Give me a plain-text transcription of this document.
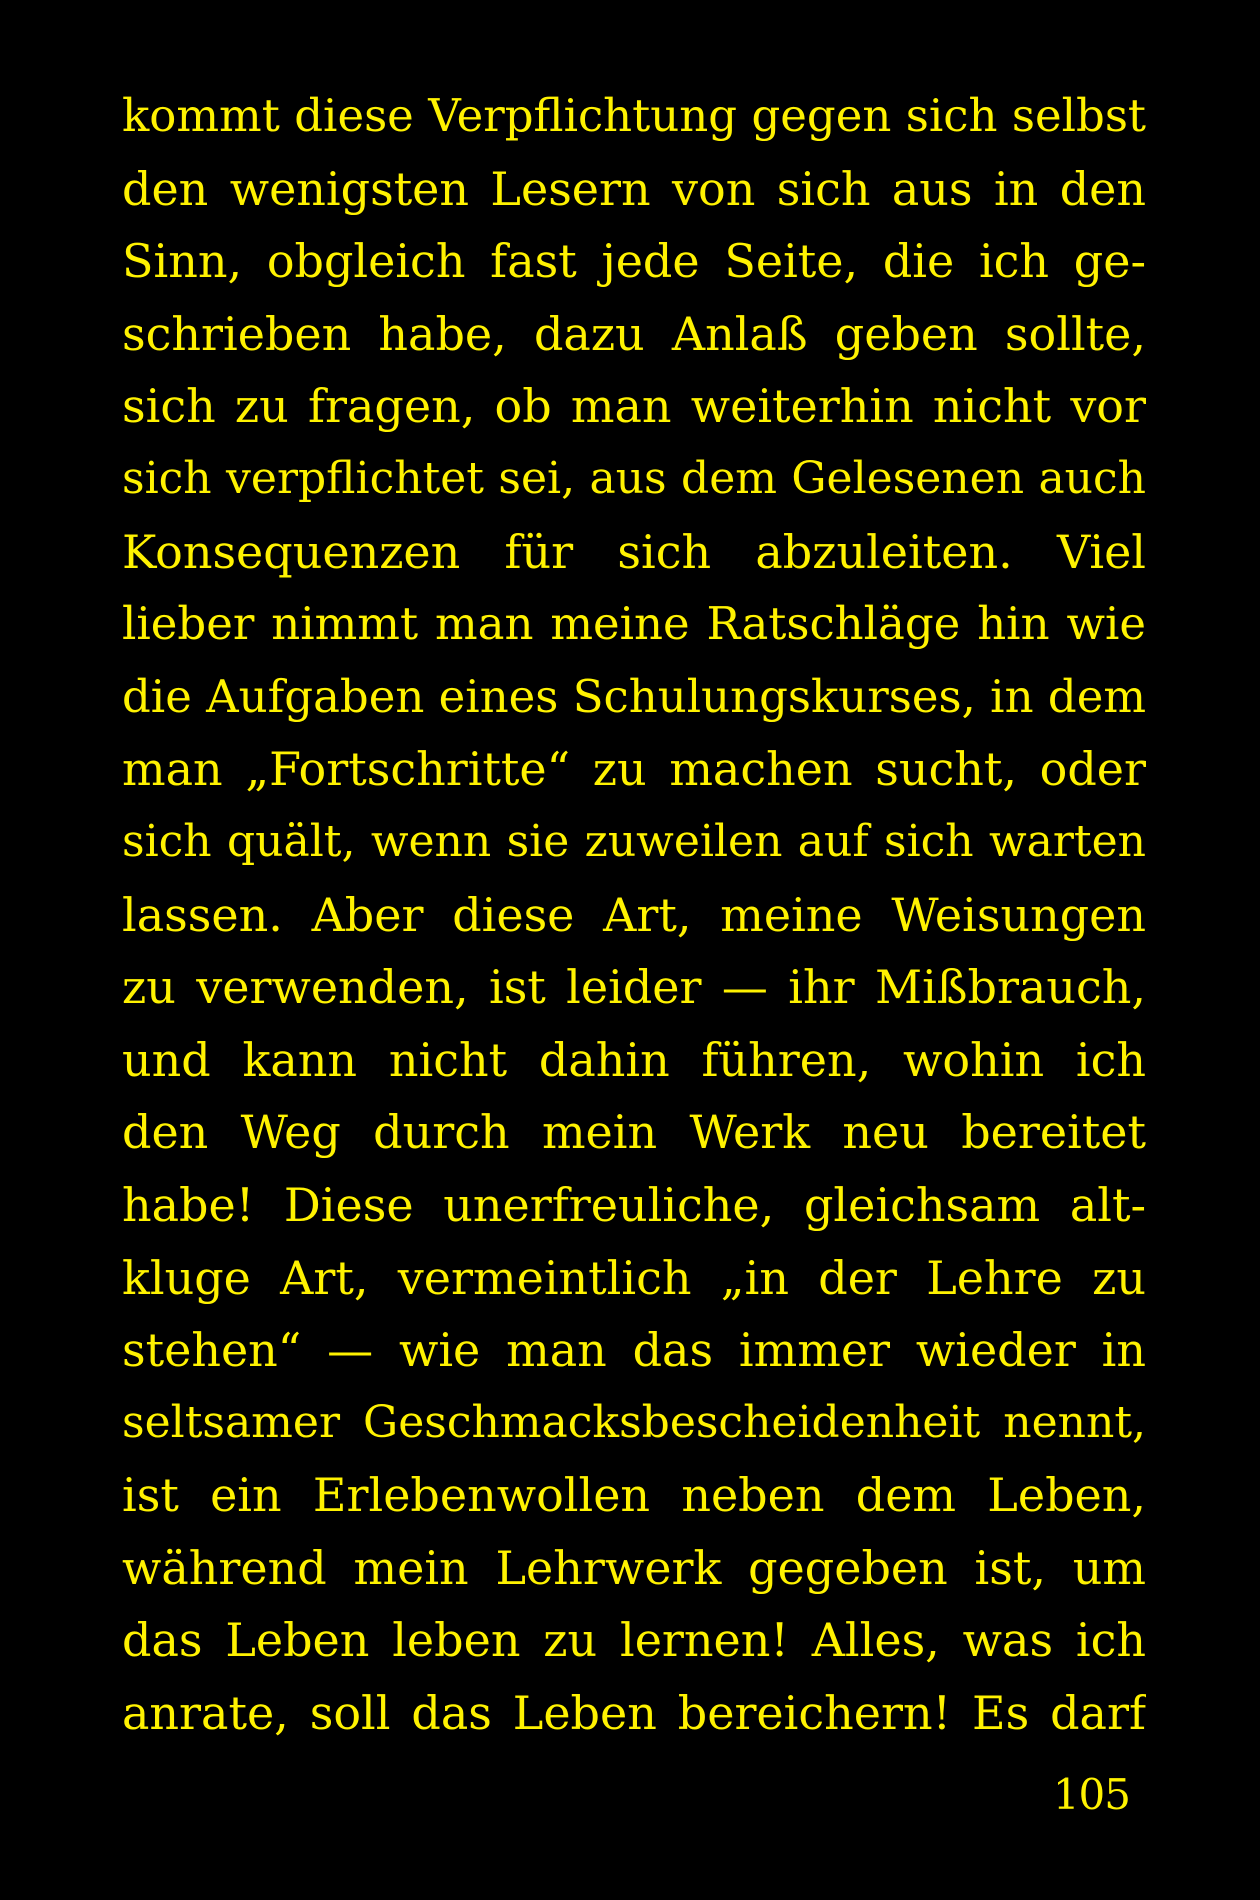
kommt diese Verpflichtung gegen sich selbst
den wenigsten Lesern von sich aus in den
Sinn, obgleich fast jede Seite, die ich ge-
schrieben habe, dazu Anlaß geben sollte,
sich zu fragen, ob man weiterhin nicht vor
sich verpflichtet sei, aus dem Gelesenen auch
Konsequenzen für sich abzuleiten. Viel
lieber nimmt man meine Ratschläge hin wie
die Aufgaben eines Schulungskurses, in dem
man „Fortschritte“ zu machen sucht, oder
sich quält, wenn sie zuweilen auf sich warten
lassen. Aber diese Art, meine Weisungen
zu verwenden, ist leider — ihr Mißbrauch,
und kann nicht dahin führen, wohin ich
den Weg durch mein Werk neu bereitet
habe! Diese unerfreuliche, gleichsam alt-
kluge Art, vermeintlich „in der Lehre zu
stehen“ — wie man das immer wieder in
seltsamer Geschmacksbescheidenheit nennt,
ist ein Erlebenwollen neben dem Leben,
während mein Lehrwerk gegeben ist, um
das Leben leben zu lernen! Alles, was ich
anrate, soll das Leben bereichern! Es darf
105
